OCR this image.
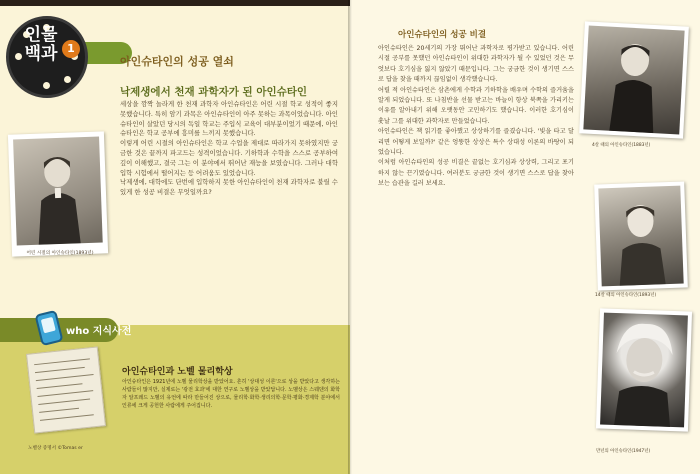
인물
백과 1
아인슈타인의 성공 열쇠
낙제생에서 천재 과학자가 된 아인슈타인

세상을 깜짝 놀라게 한 천재 과학자 아인슈타인은 어린 시절 학교 성적이 좋지 못했습니다. 특히 암기 과목은 아인슈타인이 아주 못하는 과목이었습니다. 아인슈타인이 살았던 당시의 독일 학교는 주입식 교육이 대부분이었기 때문에, 아인슈타인은 학교 공부에 흥미를 느끼지 못했습니다.

이렇게 어린 시절의 아인슈타인은 학교 수업을 제대로 따라가지 못하였지만 궁금한 것은 끝까지 파고드는 성격이었습니다. 기하학과 수학을 스스로 공부하여 깊이 이해했고, 결국 그는 이 분야에서 뛰어난 재능을 보였습니다. 그러나 대학 입학 시험에서 떨어지는 등 어려움도 있었습니다.

낙제생에, 대학에도 단번에 입학하지 못한 아인슈타인이 천재 과학자로 불릴 수 있게 한 성공 비결은 무엇일까요?

어린 시절의 아인슈타인(1893년)
who 지식사전
노벨상 증명서 ©Tomas er
아인슈타인과 노벨 물리학상
아인슈타인은 1921년에 노벨 물리학상을 받았어요. 흔히 '상대성 이론'으로 상을 받았다고 생각하는 사람들이 많지만, 실제로는 '광전 효과'에 대한 연구로 노벨상을 받았답니다. 노벨상은 스웨덴의 화학자 알프레드 노벨의 유언에 따라 만들어진 상으로, 물리학·화학·생리의학·문학·평화·경제학 분야에서 인류에 크게 공헌한 사람에게 주어집니다.
아인슈타인의 성공 비결

아인슈타인은 20세기의 가장 뛰어난 과학자로 평가받고 있습니다. 어린 시절 공부를 못했던 아인슈타인이 위대한 과학자가 될 수 있었던 것은 무엇보다 호기심을 잃지 않았기 때문입니다. 그는 궁금한 것이 생기면 스스로 답을 찾을 때까지 끊임없이 생각했습니다.

어릴 적 아인슈타인은 삼촌에게 수학과 기하학을 배우며 수학의 즐거움을 알게 되었습니다. 또 나침반을 선물 받고는 바늘이 항상 북쪽을 가리키는 이유를 알아내기 위해 오랫동안 고민하기도 했습니다. 이러한 호기심이 훗날 그를 위대한 과학자로 만들었습니다.

아인슈타인은 책 읽기를 좋아했고 상상하기를 즐겼습니다. '빛을 타고 달리면 어떻게 보일까?' 같은 엉뚱한 상상은 특수 상대성 이론의 바탕이 되었습니다.

이처럼 아인슈타인의 성공 비결은 끝없는 호기심과 상상력, 그리고 포기하지 않는 끈기였습니다. 여러분도 궁금한 것이 생기면 스스로 답을 찾아보는 습관을 길러 보세요.

4살 때의 아인슈타인(1883년)
14살 때의 아인슈타인(1893년)
만년의 아인슈타인(1947년)
